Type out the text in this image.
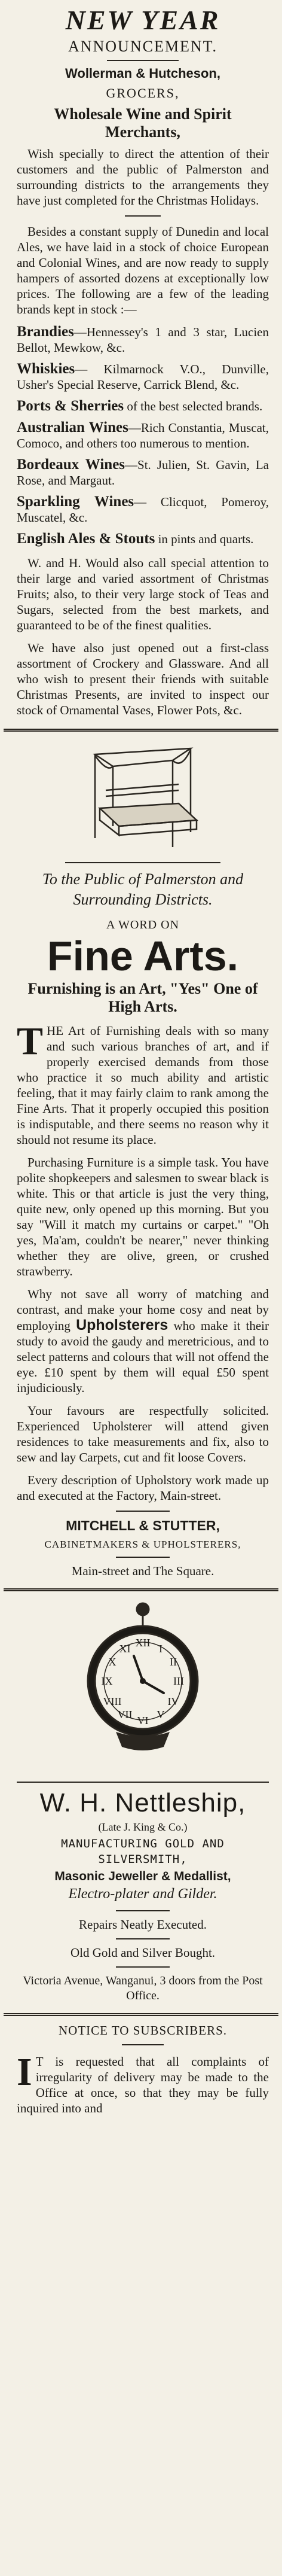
NEW YEAR
ANNOUNCEMENT.
Wollerman & Hutcheson,
GROCERS,
Wholesale Wine and Spirit Merchants,

Wish specially to direct the attention of their customers and the public of Palmerston and surrounding districts to the arrangements they have just completed for the Christmas Holidays.

Besides a constant supply of Dunedin and local Ales, we have laid in a stock of choice European and Colonial Wines, and are now ready to supply hampers of assorted dozens at exceptionally low prices. The following are a few of the leading brands kept in stock :—

Brandies—Hennessey's 1 and 3 star, Lucien Bellot, Mewkow, &c.
Whiskies— Kilmarnock V.O., Dunville, Usher's Special Reserve, Carrick Blend, &c.
Ports & Sherries of the best selected brands.
Australian Wines—Rich Constantia, Muscat, Comoco, and others too numerous to mention.
Bordeaux Wines—St. Julien, St. Gavin, La Rose, and Margaut.
Sparkling Wines— Clicquot, Pomeroy, Muscatel, &c.
English Ales & Stouts in pints and quarts.

W. and H. Would also call special attention to their large and varied assortment of Christmas Fruits; also, to their very large stock of Teas and Sugars, selected from the best markets, and guaranteed to be of the finest qualities.

We have also just opened out a first-class assortment of Crockery and Glassware. And all who wish to present their friends with suitable Christmas Presents, are invited to inspect our stock of Ornamental Vases, Flower Pots, &c.

To the Public of Palmerston and
Surrounding Districts.
A WORD ON
Fine Arts.
Furnishing is an Art, "Yes" One of High Arts.

THE Art of Furnishing deals with so many and such various branches of art, and if properly exercised demands from those who practice it so much ability and artistic feeling, that it may fairly claim to rank among the Fine Arts. That it properly occupied this position is indisputable, and there seems no reason why it should not resume its place.

Purchasing Furniture is a simple task. You have polite shopkeepers and salesmen to swear black is white. This or that article is just the very thing, quite new, only opened up this morning. But you say "Will it match my curtains or carpet." "Oh yes, Ma'am, couldn't be nearer," never thinking whether they are olive, green, or crushed strawberry.

Why not save all worry of matching and contrast, and make your home cosy and neat by employing Upholsterers who make it their study to avoid the gaudy and meretricious, and to select patterns and colours that will not offend the eye. £10 spent by them will equal £50 spent injudiciously.

Your favours are respectfully solicited. Experienced Upholsterer will attend given residences to take measurements and fix, also to sew and lay Carpets, cut and fit loose Covers.

Every description of Upholstory work made up and executed at the Factory, Main-street.

MITCHELL & STUTTER,
CABINETMAKERS & UPHOLSTERERS,
Main-street and The Square.
XII
III
VI
IX
I
II
IV
V
VII
VIII
X
XI
W. H. Nettleship,
(Late J. King & Co.)
MANUFACTURING GOLD AND SILVERSMITH,
Masonic Jeweller & Medallist,
Electro-plater and Gilder.
Repairs Neatly Executed.
Old Gold and Silver Bought.
Victoria Avenue, Wanganui, 3 doors from the Post Office.
NOTICE TO SUBSCRIBERS.

I T is requested that all complaints of irregularity of delivery may be made to the Office at once, so that they may be fully inquired into and
